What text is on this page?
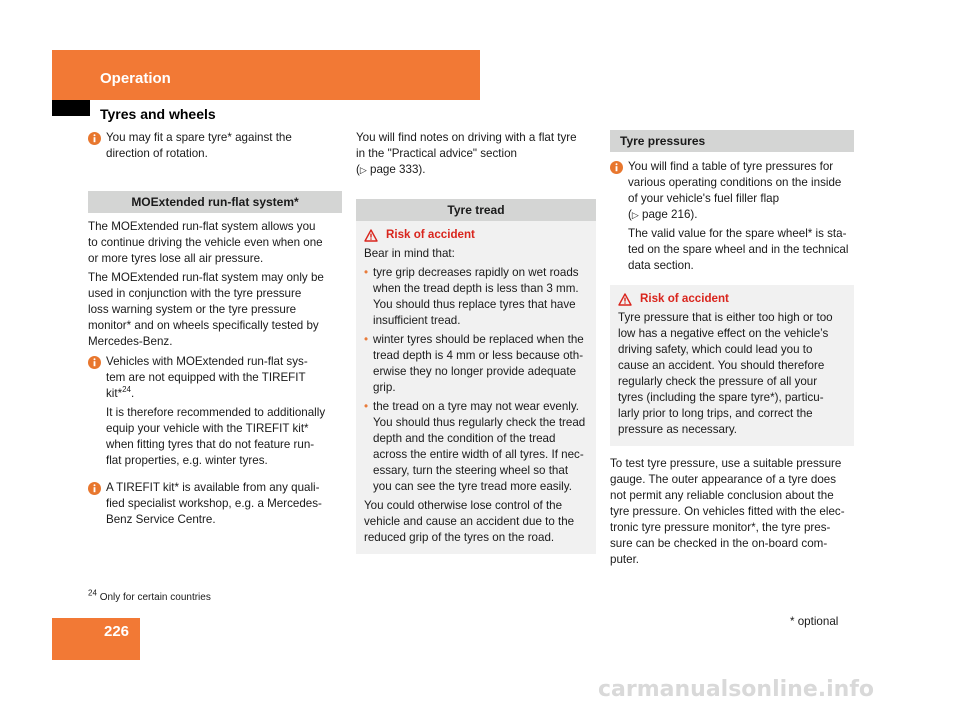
Operation
Tyres and wheels

You may fit a spare tyre* against the
direction of rotation.

MOExtended run-flat system*

The MOExtended run-flat system allows you
to continue driving the vehicle even when one
or more tyres lose all air pressure.

The MOExtended run-flat system may only be
used in conjunction with the tyre pressure
loss warning system or the tyre pressure
monitor* and on wheels specifically tested by
Mercedes-Benz.

Vehicles with MOExtended run-flat sys-
tem are not equipped with the TIREFIT
kit*$^{24}$.

It is therefore recommended to additionally
equip your vehicle with the TIREFIT kit*
when fitting tyres that do not feature run-
flat properties, e.g. winter tyres.

A TIREFIT kit* is available from any quali-
fied specialist workshop, e.g. a Mercedes-
Benz Service Centre.

You will find notes on driving with a flat tyre
in the "Practical advice" section
(▷ page 333).

Tyre tread
Risk of accident

Bear in mind that:

• tyre grip decreases rapidly on wet roads
when the tread depth is less than 3 mm.
You should thus replace tyres that have
insufficient tread.
• winter tyres should be replaced when the
tread depth is 4 mm or less because oth-
erwise they no longer provide adequate
grip.
• the tread on a tyre may not wear evenly.
You should thus regularly check the tread
depth and the condition of the tread
across the entire width of all tyres. If nec-
essary, turn the steering wheel so that
you can see the tyre tread more easily.

You could otherwise lose control of the
vehicle and cause an accident due to the
reduced grip of the tyres on the road.

Tyre pressures

You will find a table of tyre pressures for
various operating conditions on the inside
of your vehicle's fuel filler flap
(▷ page 216).

The valid value for the spare wheel* is sta-
ted on the spare wheel and in the technical
data section.

Risk of accident

Tyre pressure that is either too high or too
low has a negative effect on the vehicle’s
driving safety, which could lead you to
cause an accident. You should therefore
regularly check the pressure of all your
tyres (including the spare tyre*), particu-
larly prior to long trips, and correct the
pressure as necessary.

To test tyre pressure, use a suitable pressure
gauge. The outer appearance of a tyre does
not permit any reliable conclusion about the
tyre pressure. On vehicles fitted with the elec-
tronic tyre pressure monitor*, the tyre pres-
sure can be checked in the on-board com-
puter.

$^{24}$ Only for certain countries
226
* optional
carmanualsonline.info
